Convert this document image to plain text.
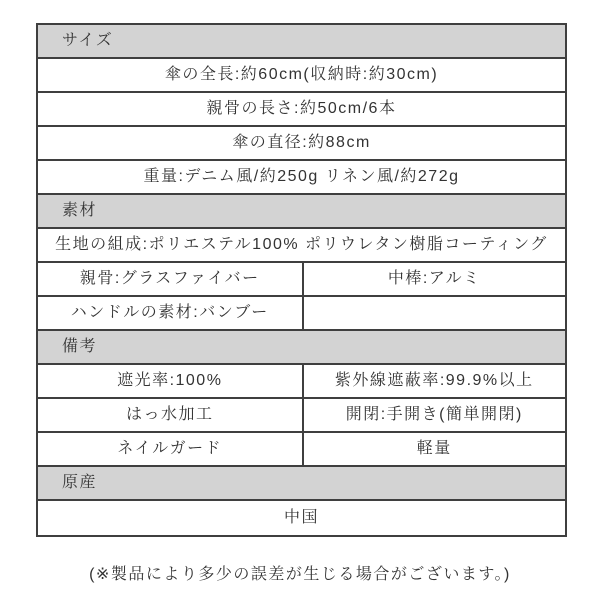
サイズ
傘の全長:約60cm(収納時:約30cm)
親骨の長さ:約50cm/6本
傘の直径:約88cm
重量:デニム風/約250g リネン風/約272g
素材
生地の組成:ポリエステル100% ポリウレタン樹脂コーティング
親骨:グラスファイバー	中棒:アルミ
ハンドルの素材:バンブー
備考
遮光率:100%	紫外線遮蔽率:99.9%以上
はっ水加工	開閉:手開き(簡単開閉)
ネイルガード	軽量
原産
中国
(※製品により多少の誤差が生じる場合がございます。)
